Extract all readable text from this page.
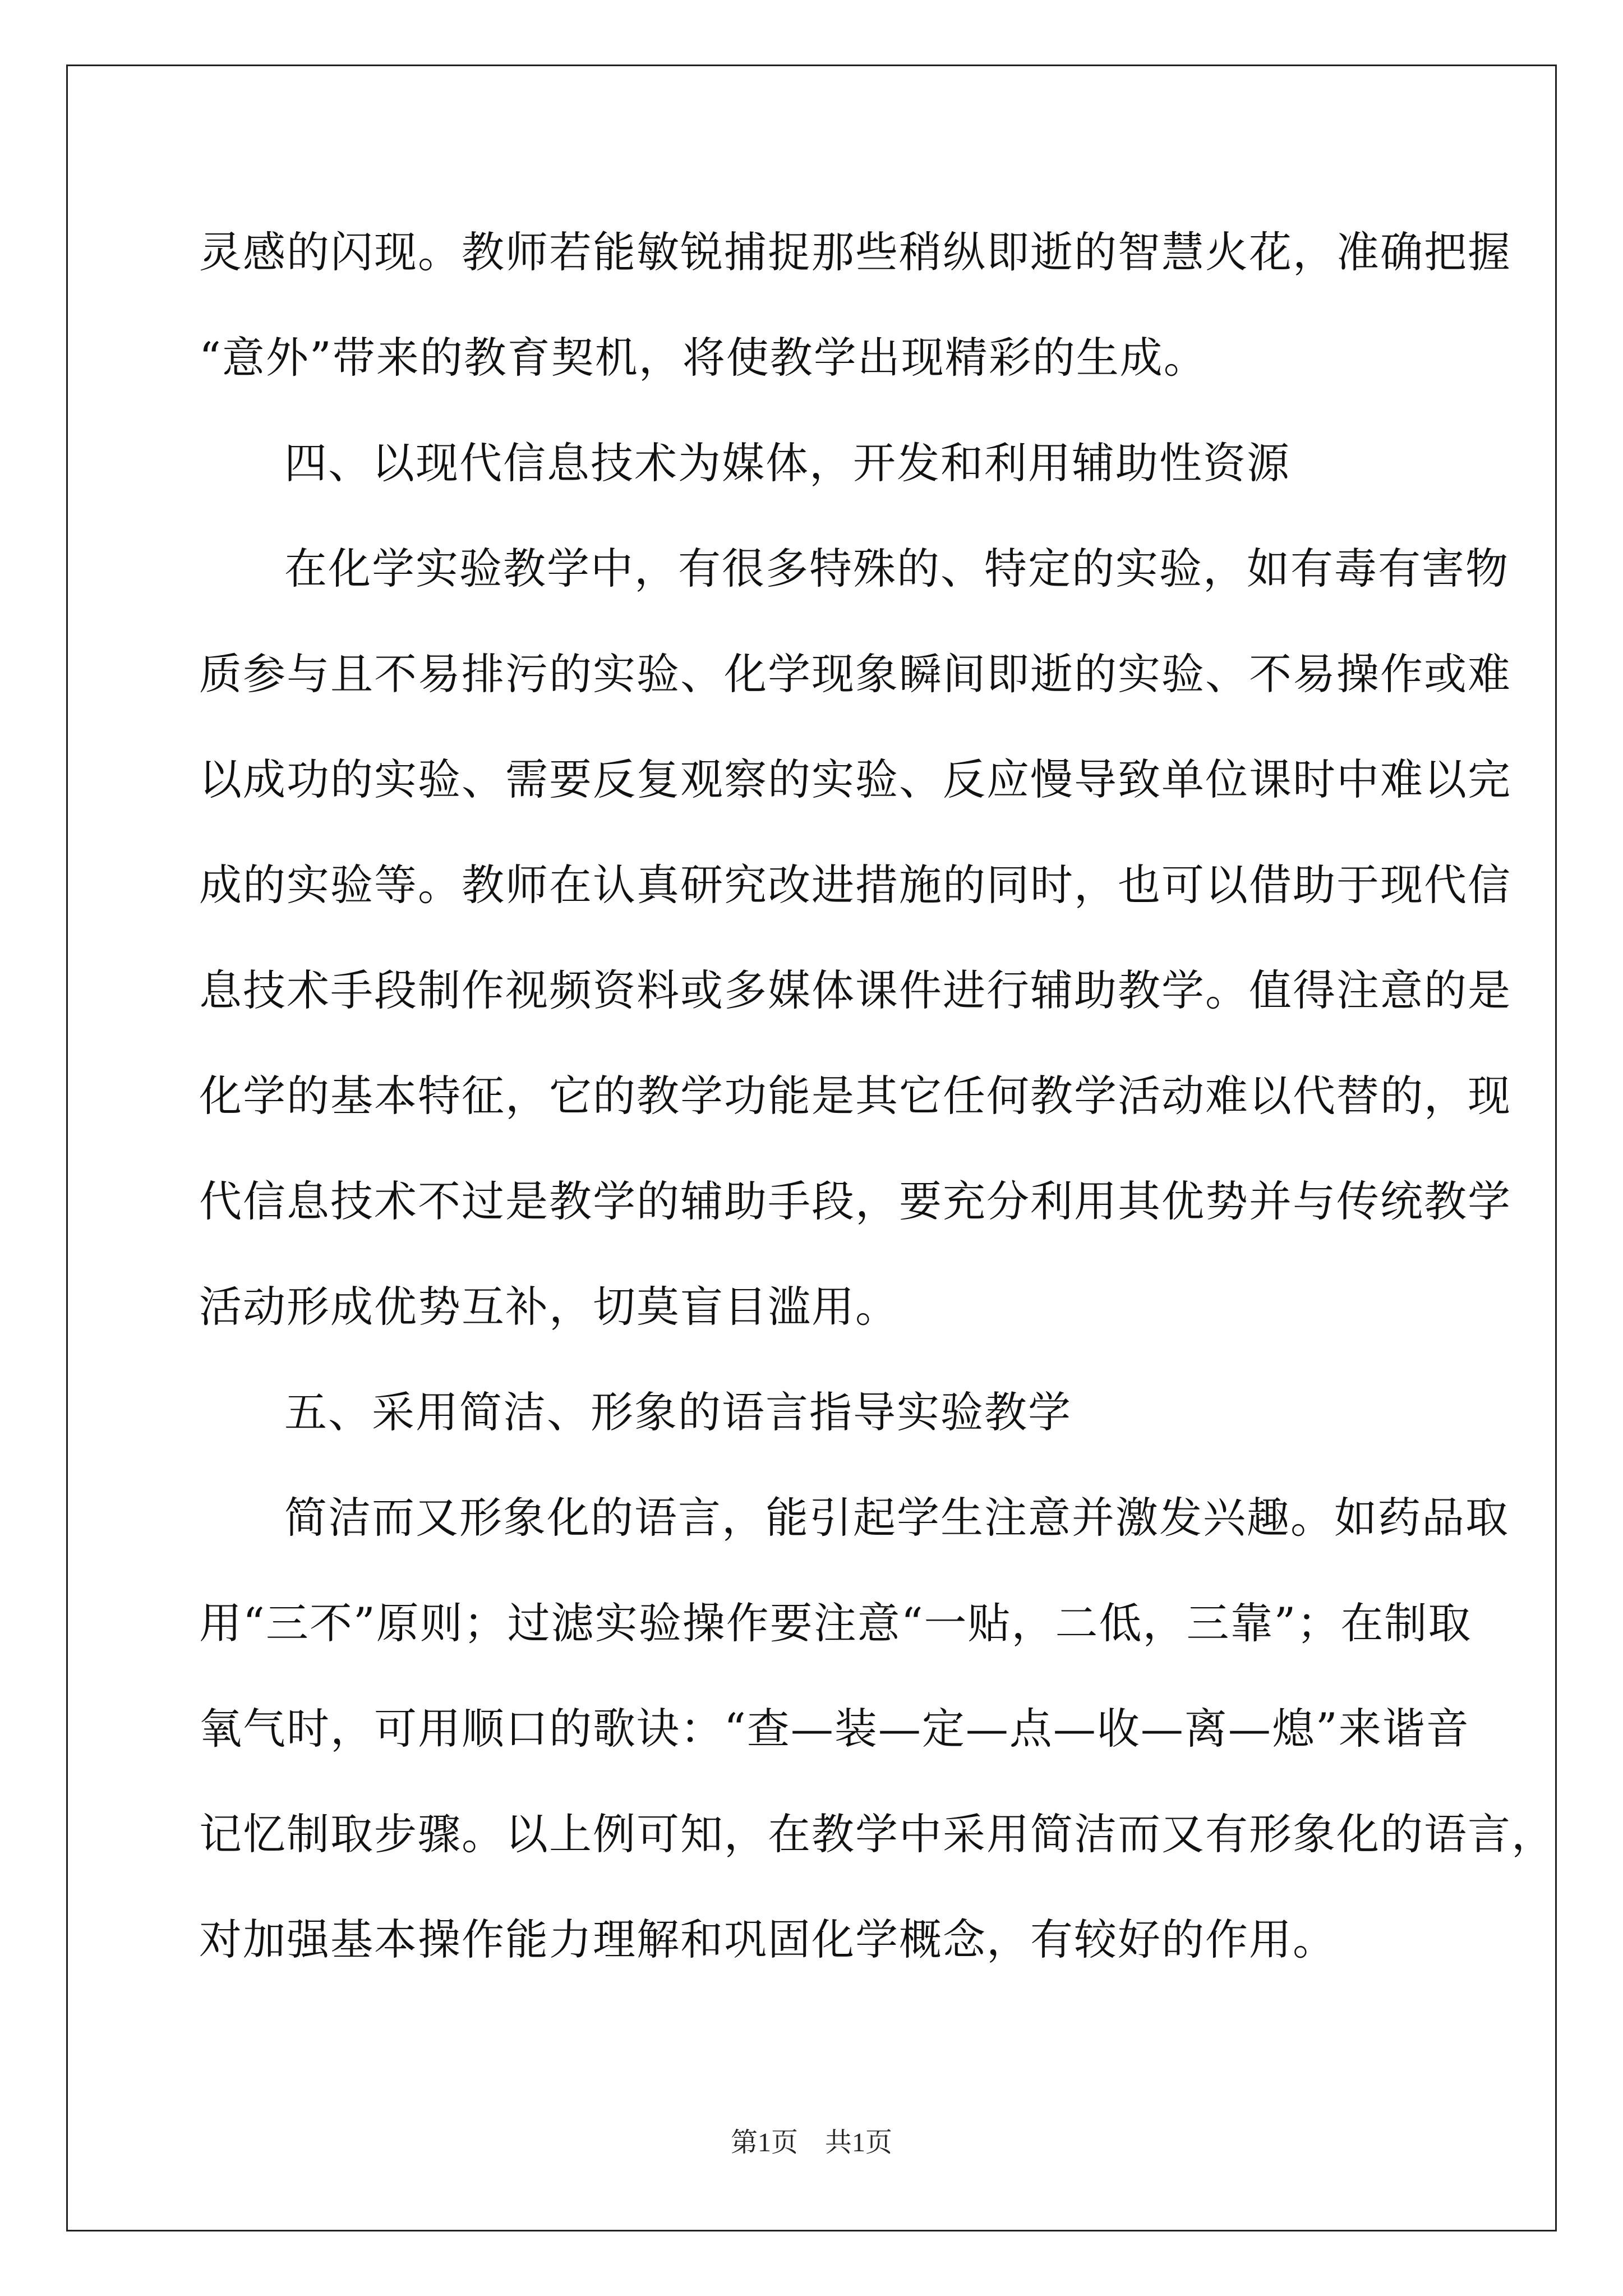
灵感的闪现。教师若能敏锐捕捉那些稍纵即逝的智慧火花，准确把握
“意外”带来的教育契机，将使教学出现精彩的生成。
四、以现代信息技术为媒体，开发和利用辅助性资源
在化学实验教学中，有很多特殊的、特定的实验，如有毒有害物
质参与且不易排污的实验、化学现象瞬间即逝的实验、不易操作或难
以成功的实验、需要反复观察的实验、反应慢导致单位课时中难以完
成的实验等。教师在认真研究改进措施的同时，也可以借助于现代信
息技术手段制作视频资料或多媒体课件进行辅助教学。值得注意的是
化学的基本特征，它的教学功能是其它任何教学活动难以代替的，现
代信息技术不过是教学的辅助手段，要充分利用其优势并与传统教学
活动形成优势互补，切莫盲目滥用。
五、采用简洁、形象的语言指导实验教学
简洁而又形象化的语言，能引起学生注意并激发兴趣。如药品取
用“三不”原则；过滤实验操作要注意“一贴，二低，三靠”；在制取
氧气时，可用顺口的歌诀：“查—装—定—点—收—离—熄”来谐音
记忆制取步骤。以上例可知，在教学中采用简洁而又有形象化的语言，
对加强基本操作能力理解和巩固化学概念，有较好的作用。
第1页　共1页
